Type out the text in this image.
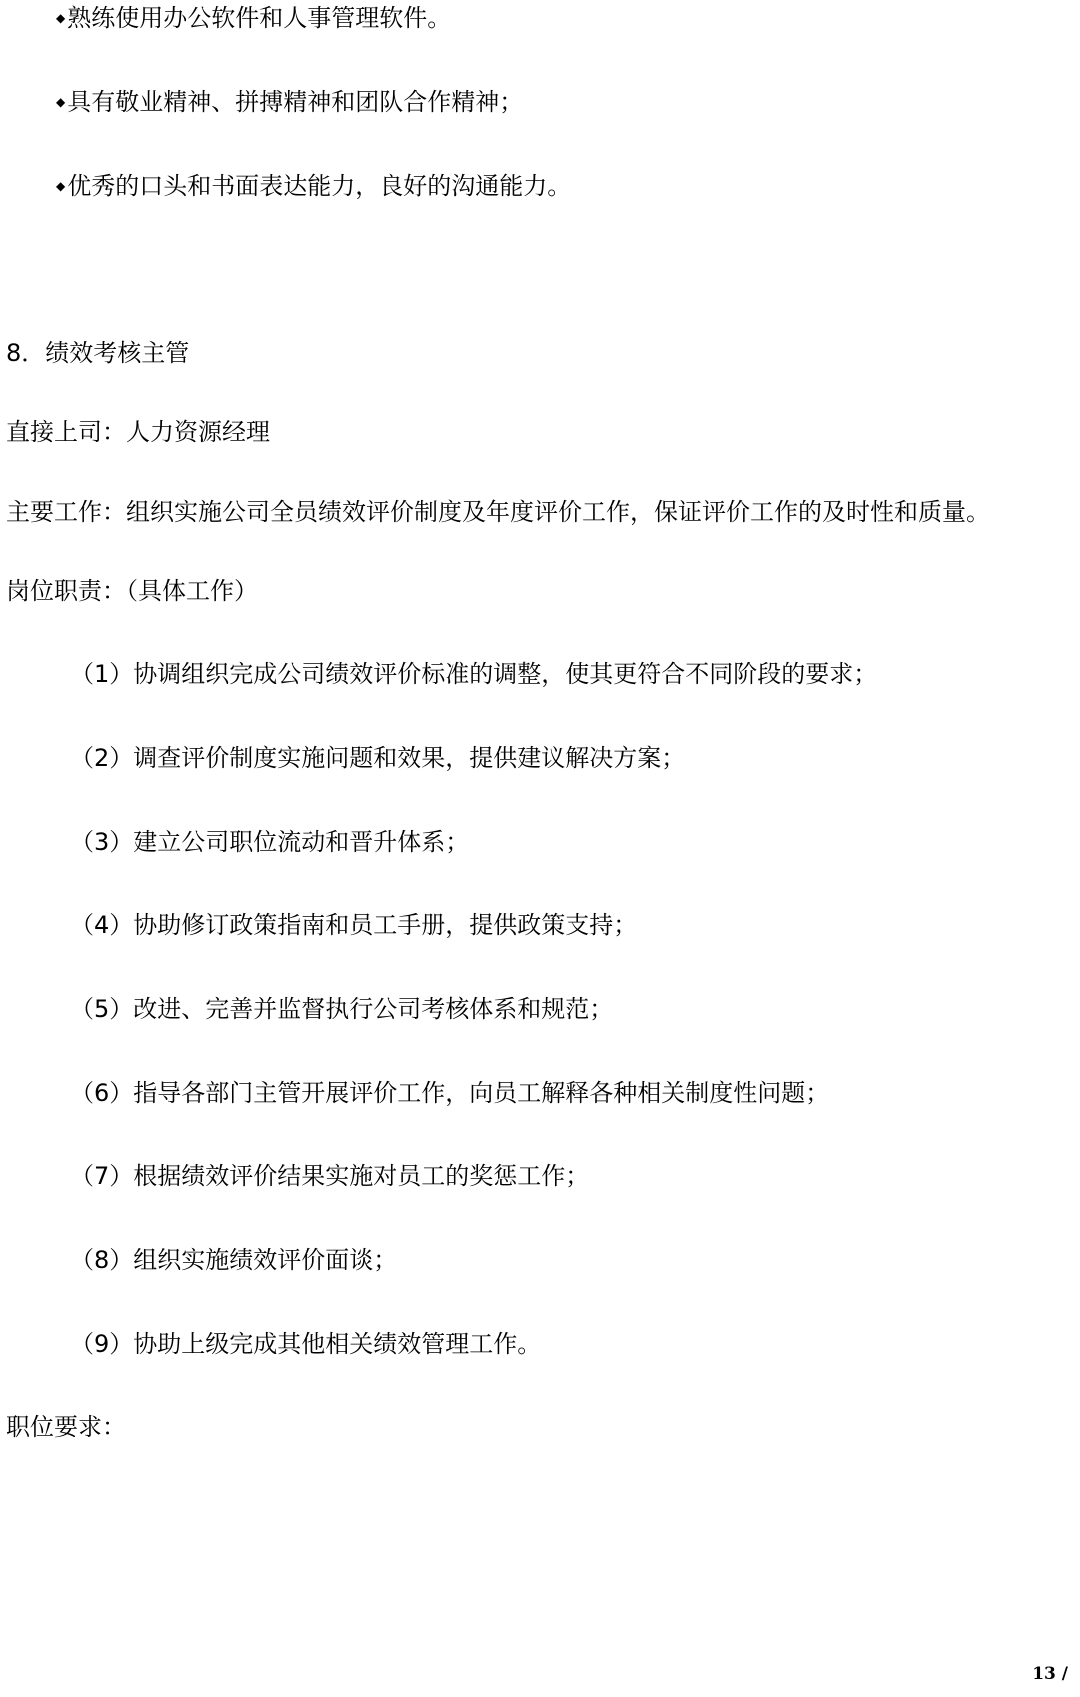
◆熟练使用办公软件和人事管理软件。
◆具有敬业精神、拼搏精神和团队合作精神；
◆优秀的口头和书面表达能力，良好的沟通能力。
8．绩效考核主管
直接上司：人力资源经理
主要工作：组织实施公司全员绩效评价制度及年度评价工作，保证评价工作的及时性和质量。
岗位职责：（具体工作）
（1）协调组织完成公司绩效评价标准的调整，使其更符合不同阶段的要求；
（2）调查评价制度实施问题和效果，提供建议解决方案；
（3）建立公司职位流动和晋升体系；
（4）协助修订政策指南和员工手册，提供政策支持；
（5）改进、完善并监督执行公司考核体系和规范；
（6）指导各部门主管开展评价工作，向员工解释各种相关制度性问题；
（7）根据绩效评价结果实施对员工的奖惩工作；
（8）组织实施绩效评价面谈；
（9）协助上级完成其他相关绩效管理工作。
职位要求：
13 /
